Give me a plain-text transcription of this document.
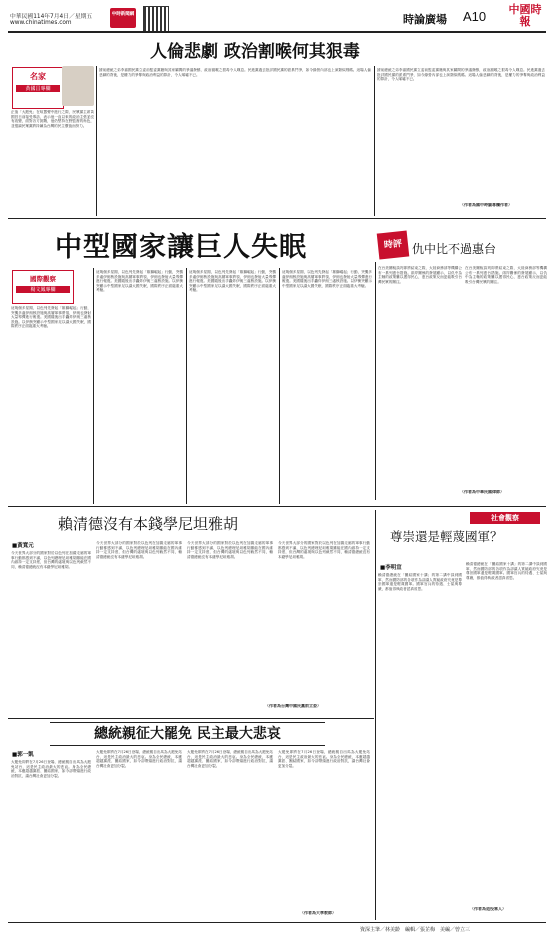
中華民國114年7月4日／星期五
www.chinatimes.com
中時新聞網	時論廣場 A10	中國時報
人倫悲劇 政治割喉何其狠毒
名家
黃國昌專欄
正值「大罷免」在喧囂聲中進行之際，民眾黨主席黃國昌日前接受專訪，表示他一直以來的政治主張並沒有改變，面對各方挑戰，他仍堅持在野監督的角色，並強調民眾黨將持續為台灣的民主價值而努力。
據前總統之弟李嘉國民黨立委前監委黨籍與其家屬間的爭議發酵，政治割喉之狠毒令人嘆息。民進黨過去批評國民黨的派系鬥爭，如今綠營內部也上演類似戲碼。這場人倫悲劇的背後，是權力的爭奪與政治利益的算計，令人唏噓不已。
據前總統之弟李嘉國民黨立委前監委黨籍與其家屬間的爭議發酵，政治割喉之狠毒令人嘆息。民進黨過去批評國民黨的派系鬥爭，如今綠營內部也上演類似戲碼。這場人倫悲劇的背後，是權力的爭奪與政治利益的算計，令人唏噓不已。
（作者為國中時論專欄作者）
中型國家讓巨人失眠
國際觀察
楊文鳳專欄
這幾個多星期，以色列先發起「雄獅崛起」行動，突襲多處伊朗核設施與高層軍事將領，伊朗也發射大量導彈進行報復。美國隨後出手轟炸伊朗三處核設施。以伊衝突顯示中型國家足以讓大國失眠，國際秩序正面臨重大考驗。
這幾個多星期，以色列先發起「雄獅崛起」行動，突襲多處伊朗核設施與高層軍事將領，伊朗也發射大量導彈進行報復。美國隨後出手轟炸伊朗三處核設施。以伊衝突顯示中型國家足以讓大國失眠，國際秩序正面臨重大考驗。
這幾個多星期，以色列先發起「雄獅崛起」行動，突襲多處伊朗核設施與高層軍事將領，伊朗也發射大量導彈進行報復。美國隨後出手轟炸伊朗三處核設施。以伊衝突顯示中型國家足以讓大國失眠，國際秩序正面臨重大考驗。
這幾個多星期，以色列先發起「雄獅崛起」行動，突襲多處伊朗核設施與高層軍事將領，伊朗也發射大量導彈進行報復。美國隨後出手轟炸伊朗三處核設施。以伊衝突顯示中型國家足以讓大國失眠，國際秩序正面臨重大考驗。
時評 仇中比不過惠台
在台美關稅談判即將結束之際，大陸商務部等機構公布一系列惠台措施。兩岸關係的發展顯示，以仇中為主軸的政策難以獲得民心，惠台政策反而更能吸引台灣民眾的關注。
在台美關稅談判即將結束之際，大陸商務部等機構公布一系列惠台措施。兩岸關係的發展顯示，以仇中為主軸的政策難以獲得民心，惠台政策反而更能吸引台灣民眾的關注。
（作者為中華民國律師）
賴清德沒有本錢學尼坦雅胡
■黃寬元
今天世界大部分的國家對於以色列在加薩走廊的軍事行動都感到不滿，以色列總理尼坦雅胡雖能在國內維持一定支持度，但台灣的處境與以色列截然不同，賴清德總統沒有本錢學尼坦雅胡。
今天世界大部分的國家對於以色列在加薩走廊的軍事行動都感到不滿，以色列總理尼坦雅胡雖能在國內維持一定支持度，但台灣的處境與以色列截然不同，賴清德總統沒有本錢學尼坦雅胡。
今天世界大部分的國家對於以色列在加薩走廊的軍事行動都感到不滿，以色列總理尼坦雅胡雖能在國內維持一定支持度，但台灣的處境與以色列截然不同，賴清德總統沒有本錢學尼坦雅胡。
今天世界大部分的國家對於以色列在加薩走廊的軍事行動都感到不滿，以色列總理尼坦雅胡雖能在國內維持一定支持度，但台灣的處境與以色列截然不同，賴清德總統沒有本錢學尼坦雅胡。
（作者為台灣中國民黨前立委）
社會觀察
尊崇還是輕蔑國軍？
■李明宣
賴清德總統在「團結國家十講」的第二講中談到國軍，然而國防部的各項作為卻讓人質疑政府究竟是尊崇國軍還是輕蔑國軍。國軍官兵的待遇、士氣與尊嚴，都值得執政者認真省思。
賴清德總統在「團結國家十講」的第二講中談到國軍，然而國防部的各項作為卻讓人質疑政府究竟是尊崇國軍還是輕蔑國軍。國軍官兵的待遇、士氣與尊嚴，都值得執政者認真省思。
（作者為退役軍人）
總統親征大罷免 民主最大悲哀
■郭一凱
大罷免即將在7月26日登場，總統親自出馬為大罷免站台，這是民主政治最大的悲哀。身為全民總統，本應超越黨派、團結國家，如今卻帶頭進行政治對抗，讓台灣社會更加分裂。
大罷免即將在7月26日登場，總統親自出馬為大罷免站台，這是民主政治最大的悲哀。身為全民總統，本應超越黨派、團結國家，如今卻帶頭進行政治對抗，讓台灣社會更加分裂。
大罷免即將在7月26日登場，總統親自出馬為大罷免站台，這是民主政治最大的悲哀。身為全民總統，本應超越黨派、團結國家，如今卻帶頭進行政治對抗，讓台灣社會更加分裂。
大罷免即將在7月26日登場，總統親自出馬為大罷免站台，這是民主政治最大的悲哀。身為全民總統，本應超越黨派、團結國家，如今卻帶頭進行政治對抗，讓台灣社會更加分裂。
（作者為大學教師）
資深主筆／林美齡　編輯／張芷梅　美編／曾立三
